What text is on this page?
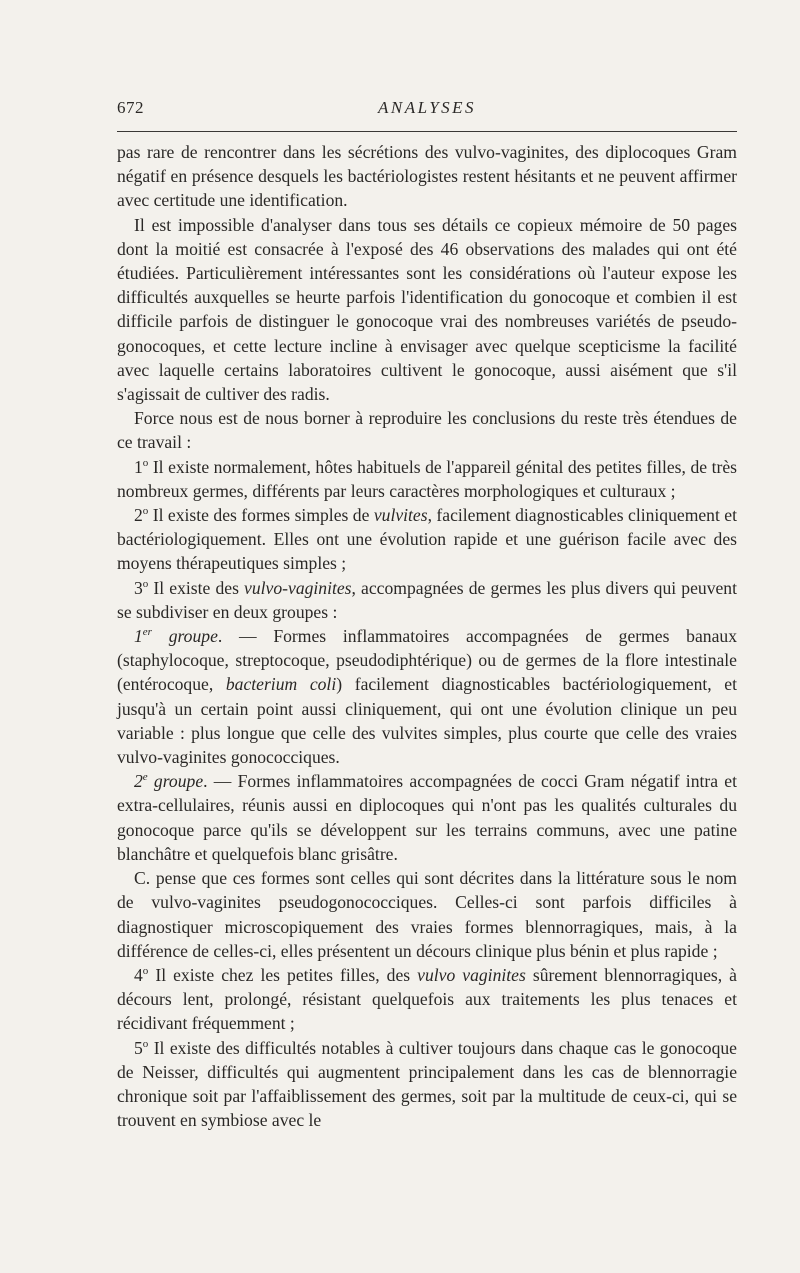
672	ANALYSES

pas rare de rencontrer dans les sécrétions des vulvo-vaginites, des diplocoques Gram négatif en présence desquels les bactériologistes restent hésitants et ne peuvent affirmer avec certitude une identification.

Il est impossible d'analyser dans tous ses détails ce copieux mémoire de 50 pages dont la moitié est consacrée à l'exposé des 46 observations des malades qui ont été étudiées. Particulièrement intéressantes sont les considérations où l'auteur expose les difficultés auxquelles se heurte parfois l'identification du gonocoque et combien il est difficile parfois de distinguer le gonocoque vrai des nombreuses variétés de pseudo-gonocoques, et cette lecture incline à envisager avec quelque scepticisme la facilité avec laquelle certains laboratoires cultivent le gonocoque, aussi aisément que s'il s'agissait de cultiver des radis.

Force nous est de nous borner à reproduire les conclusions du reste très étendues de ce travail :

1$^o$ Il existe normalement, hôtes habituels de l'appareil génital des petites filles, de très nombreux germes, différents par leurs caractères morphologiques et culturaux ;

2$^o$ Il existe des formes simples de vulvites, facilement diagnosticables cliniquement et bactériologiquement. Elles ont une évolution rapide et une guérison facile avec des moyens thérapeutiques simples ;

3$^o$ Il existe des vulvo-vaginites, accompagnées de germes les plus divers qui peuvent se subdiviser en deux groupes :

1er groupe. — Formes inflammatoires accompagnées de germes banaux (staphylocoque, streptocoque, pseudodiphtérique) ou de germes de la flore intestinale (entérocoque, bacterium coli) facilement diagnosticables bactériologiquement, et jusqu'à un certain point aussi cliniquement, qui ont une évolution clinique un peu variable : plus longue que celle des vulvites simples, plus courte que celle des vraies vulvo-vaginites gonococciques.

2e groupe. — Formes inflammatoires accompagnées de cocci Gram négatif intra et extra-cellulaires, réunis aussi en diplocoques qui n'ont pas les qualités culturales du gonocoque parce qu'ils se développent sur les terrains communs, avec une patine blanchâtre et quelquefois blanc grisâtre.

C. pense que ces formes sont celles qui sont décrites dans la littérature sous le nom de vulvo-vaginites pseudogonococciques. Celles-ci sont parfois difficiles à diagnostiquer microscopiquement des vraies formes blennorragiques, mais, à la différence de celles-ci, elles présentent un décours clinique plus bénin et plus rapide ;

4$^o$ Il existe chez les petites filles, des vulvo vaginites sûrement blennorragiques, à décours lent, prolongé, résistant quelquefois aux traitements les plus tenaces et récidivant fréquemment ;

5$^o$ Il existe des difficultés notables à cultiver toujours dans chaque cas le gonocoque de Neisser, difficultés qui augmentent principalement dans les cas de blennorragie chronique soit par l'affaiblissement des germes, soit par la multitude de ceux-ci, qui se trouvent en symbiose avec le
